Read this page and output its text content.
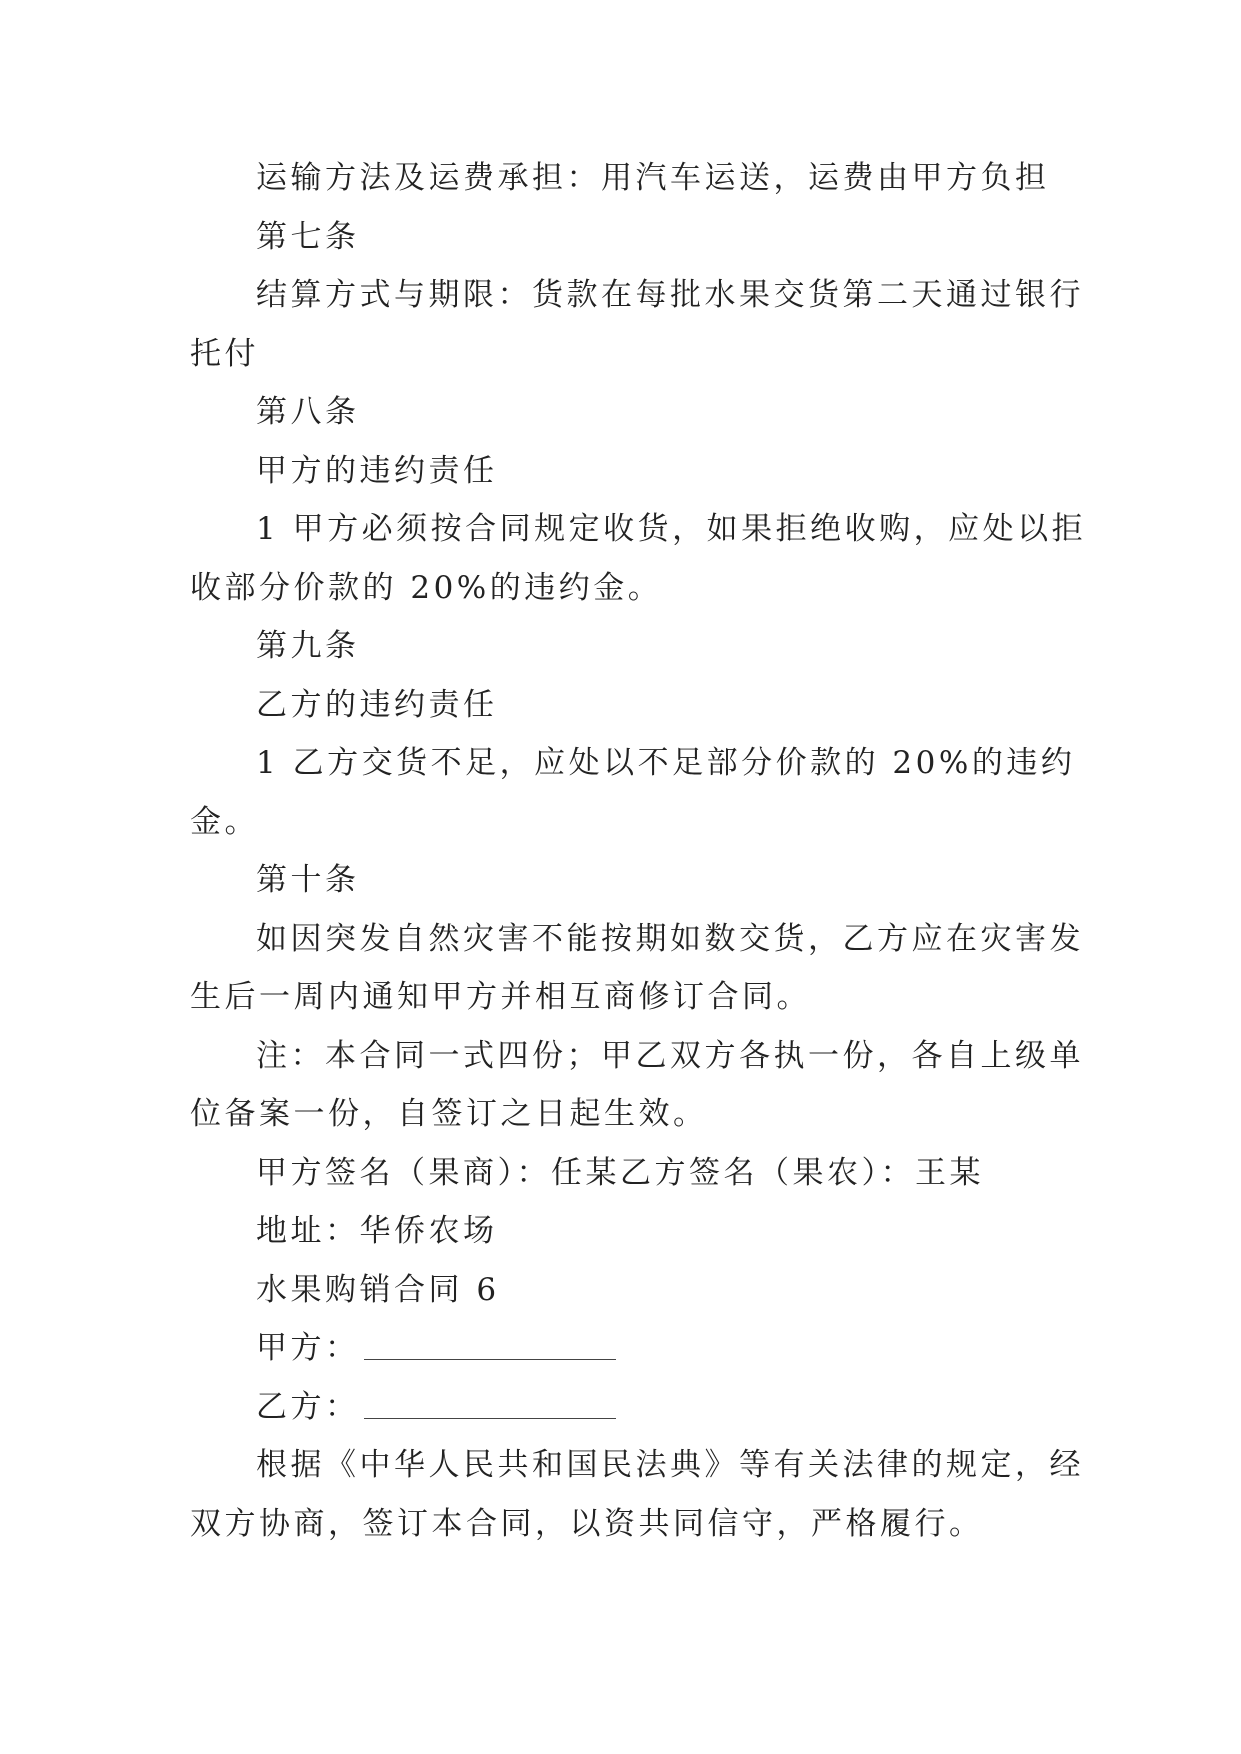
运输方法及运费承担：用汽车运送，运费由甲方负担
第七条
结算方式与期限：货款在每批水果交货第二天通过银行
托付
第八条
甲方的违约责任
1 甲方必须按合同规定收货，如果拒绝收购，应处以拒
收部分价款的 20%的违约金。
第九条
乙方的违约责任
1 乙方交货不足，应处以不足部分价款的 20%的违约
金。
第十条
如因突发自然灾害不能按期如数交货，乙方应在灾害发
生后一周内通知甲方并相互商修订合同。
注：本合同一式四份；甲乙双方各执一份，各自上级单
位备案一份，自签订之日起生效。
甲方签名（果商）：任某乙方签名（果农）：王某
地址：华侨农场
水果购销合同 6
甲方：
乙方：
根据《中华人民共和国民法典》等有关法律的规定，经
双方协商，签订本合同，以资共同信守，严格履行。
